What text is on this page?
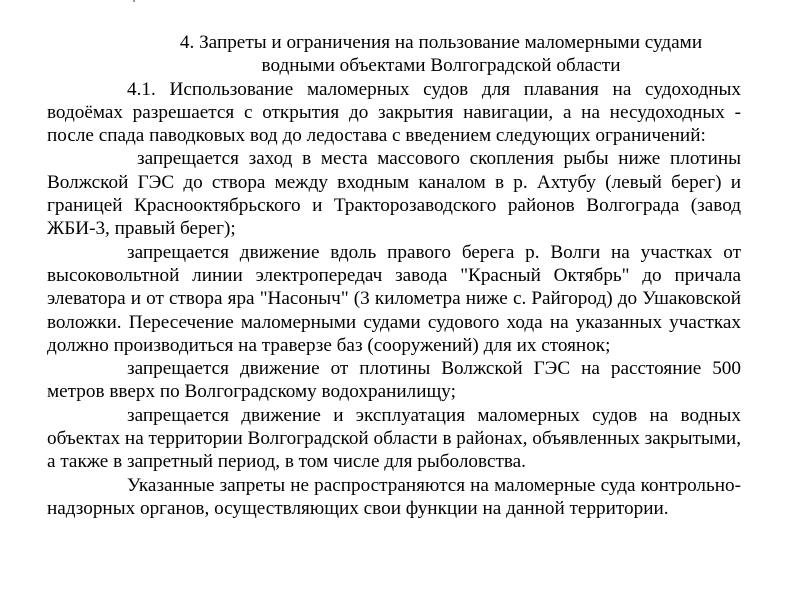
4. Запреты и ограничения на пользование маломерными судами
водными объектами Волгоградской области

4.1. Использование маломерных судов для плавания на судоходных водоёмах разрешается с открытия до закрытия навигации, а на несудоходных - после спада паводковых вод до ледостава с введением следующих ограничений:

запрещается заход в места массового скопления рыбы ниже плотины Волжской ГЭС до створа между входным каналом в р. Ахтубу (левый берег) и границей Краснооктябрьского и Тракторозаводского районов Волгограда (завод ЖБИ-3, правый берег);

запрещается движение вдоль правого берега р. Волги на участках от высоковольтной линии электропередач завода "Красный Октябрь" до причала элеватора и от створа яра "Насоныч" (3 километра ниже с. Райгород) до Ушаковской воложки. Пересечение маломерными судами судового хода на указанных участках должно производиться на траверзе баз (сооружений) для их стоянок;

запрещается движение от плотины Волжской ГЭС на расстояние 500 метров вверх по Волгоградскому водохранилищу;

запрещается движение и эксплуатация маломерных судов на водных объектах на территории Волгоградской области в районах, объявленных закрытыми, а также в запретный период, в том числе для рыболовства.

Указанные запреты не распространяются на маломерные суда контрольно-надзорных органов, осуществляющих свои функции на данной территории.
